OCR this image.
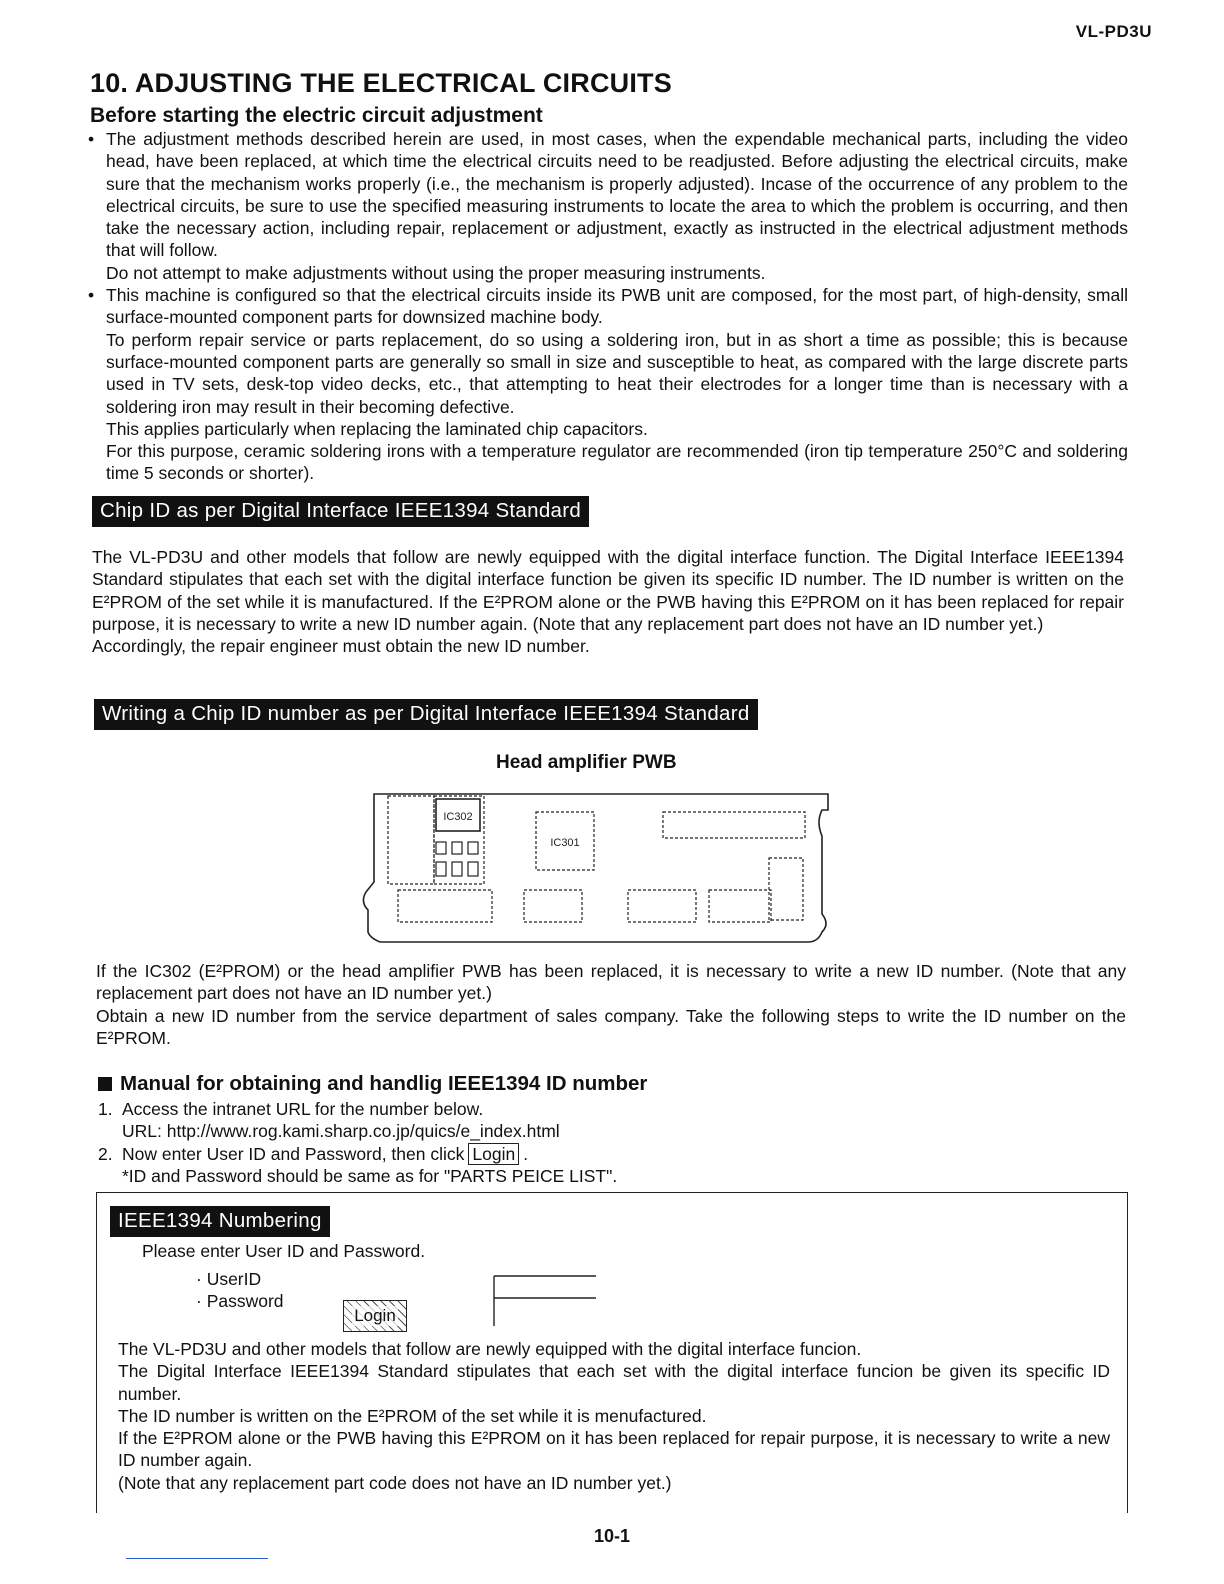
VL-PD3U
10. ADJUSTING THE ELECTRICAL CIRCUITS
Before starting the electric circuit adjustment

• The adjustment methods described herein are used, in most cases, when the expendable mechanical parts, including the video head, have been replaced, at which time the electrical circuits need to be readjusted. Before adjusting the electrical circuits, make sure that the mechanism works properly (i.e., the mechanism is properly adjusted). Incase of the occurrence of any problem to the electrical circuits, be sure to use the specified measuring instruments to locate the area to which the problem is occurring, and then take the necessary action, including repair, replacement or adjustment, exactly as instructed in the electrical adjustment methods that will follow.

Do not attempt to make adjustments without using the proper measuring instruments.

• This machine is configured so that the electrical circuits inside its PWB unit are composed, for the most part, of high-density, small surface-mounted component parts for downsized machine body.

To perform repair service or parts replacement, do so using a soldering iron, but in as short a time as possible; this is because surface-mounted component parts are generally so small in size and susceptible to heat, as compared with the large discrete parts used in TV sets, desk-top video decks, etc., that attempting to heat their electrodes for a longer time than is necessary with a soldering iron may result in their becoming defective.

This applies particularly when replacing the laminated chip capacitors.

For this purpose, ceramic soldering irons with a temperature regulator are recommended (iron tip temperature 250°C and soldering time 5 seconds or shorter).

Chip ID as per Digital Interface IEEE1394 Standard

The VL-PD3U and other models that follow are newly equipped with the digital interface function. The Digital Interface IEEE1394 Standard stipulates that each set with the digital interface function be given its specific ID number. The ID number is written on the E²PROM of the set while it is manufactured. If the E²PROM alone or the PWB having this E²PROM on it has been replaced for repair purpose, it is necessary to write a new ID number again. (Note that any replacement part does not have an ID number yet.)

Accordingly, the repair engineer must obtain the new ID number.

Writing a Chip ID number as per Digital Interface IEEE1394 Standard
Head amplifier PWB
IC302
IC301

If the IC302 (E²PROM) or the head amplifier PWB has been replaced, it is necessary to write a new ID number. (Note that any replacement part does not have an ID number yet.)

Obtain a new ID number from the service department of sales company. Take the following steps to write the ID number on the E²PROM.

Manual for obtaining and handlig IEEE1394 ID number
1. Access the intranet URL for the number below.

URL: http://www.rog.kami.sharp.co.jp/quics/e_index.html

2. Now enter User ID and Password, then click Login .

*ID and Password should be same as for "PARTS PEICE LIST".

IEEE1394 Numbering
Please enter User ID and Password.
· UserID
· Password
Login

The VL-PD3U and other models that follow are newly equipped with the digital interface funcion.

The Digital Interface IEEE1394 Standard stipulates that each set with the digital interface funcion be given its specific ID number.

The ID number is written on the E²PROM of the set while it is menufactured.

If the E²PROM alone or the PWB having this E²PROM on it has been replaced for repair purpose, it is necessary to write a new ID number again.

(Note that any replacement part code does not have an ID number yet.)

10-1
